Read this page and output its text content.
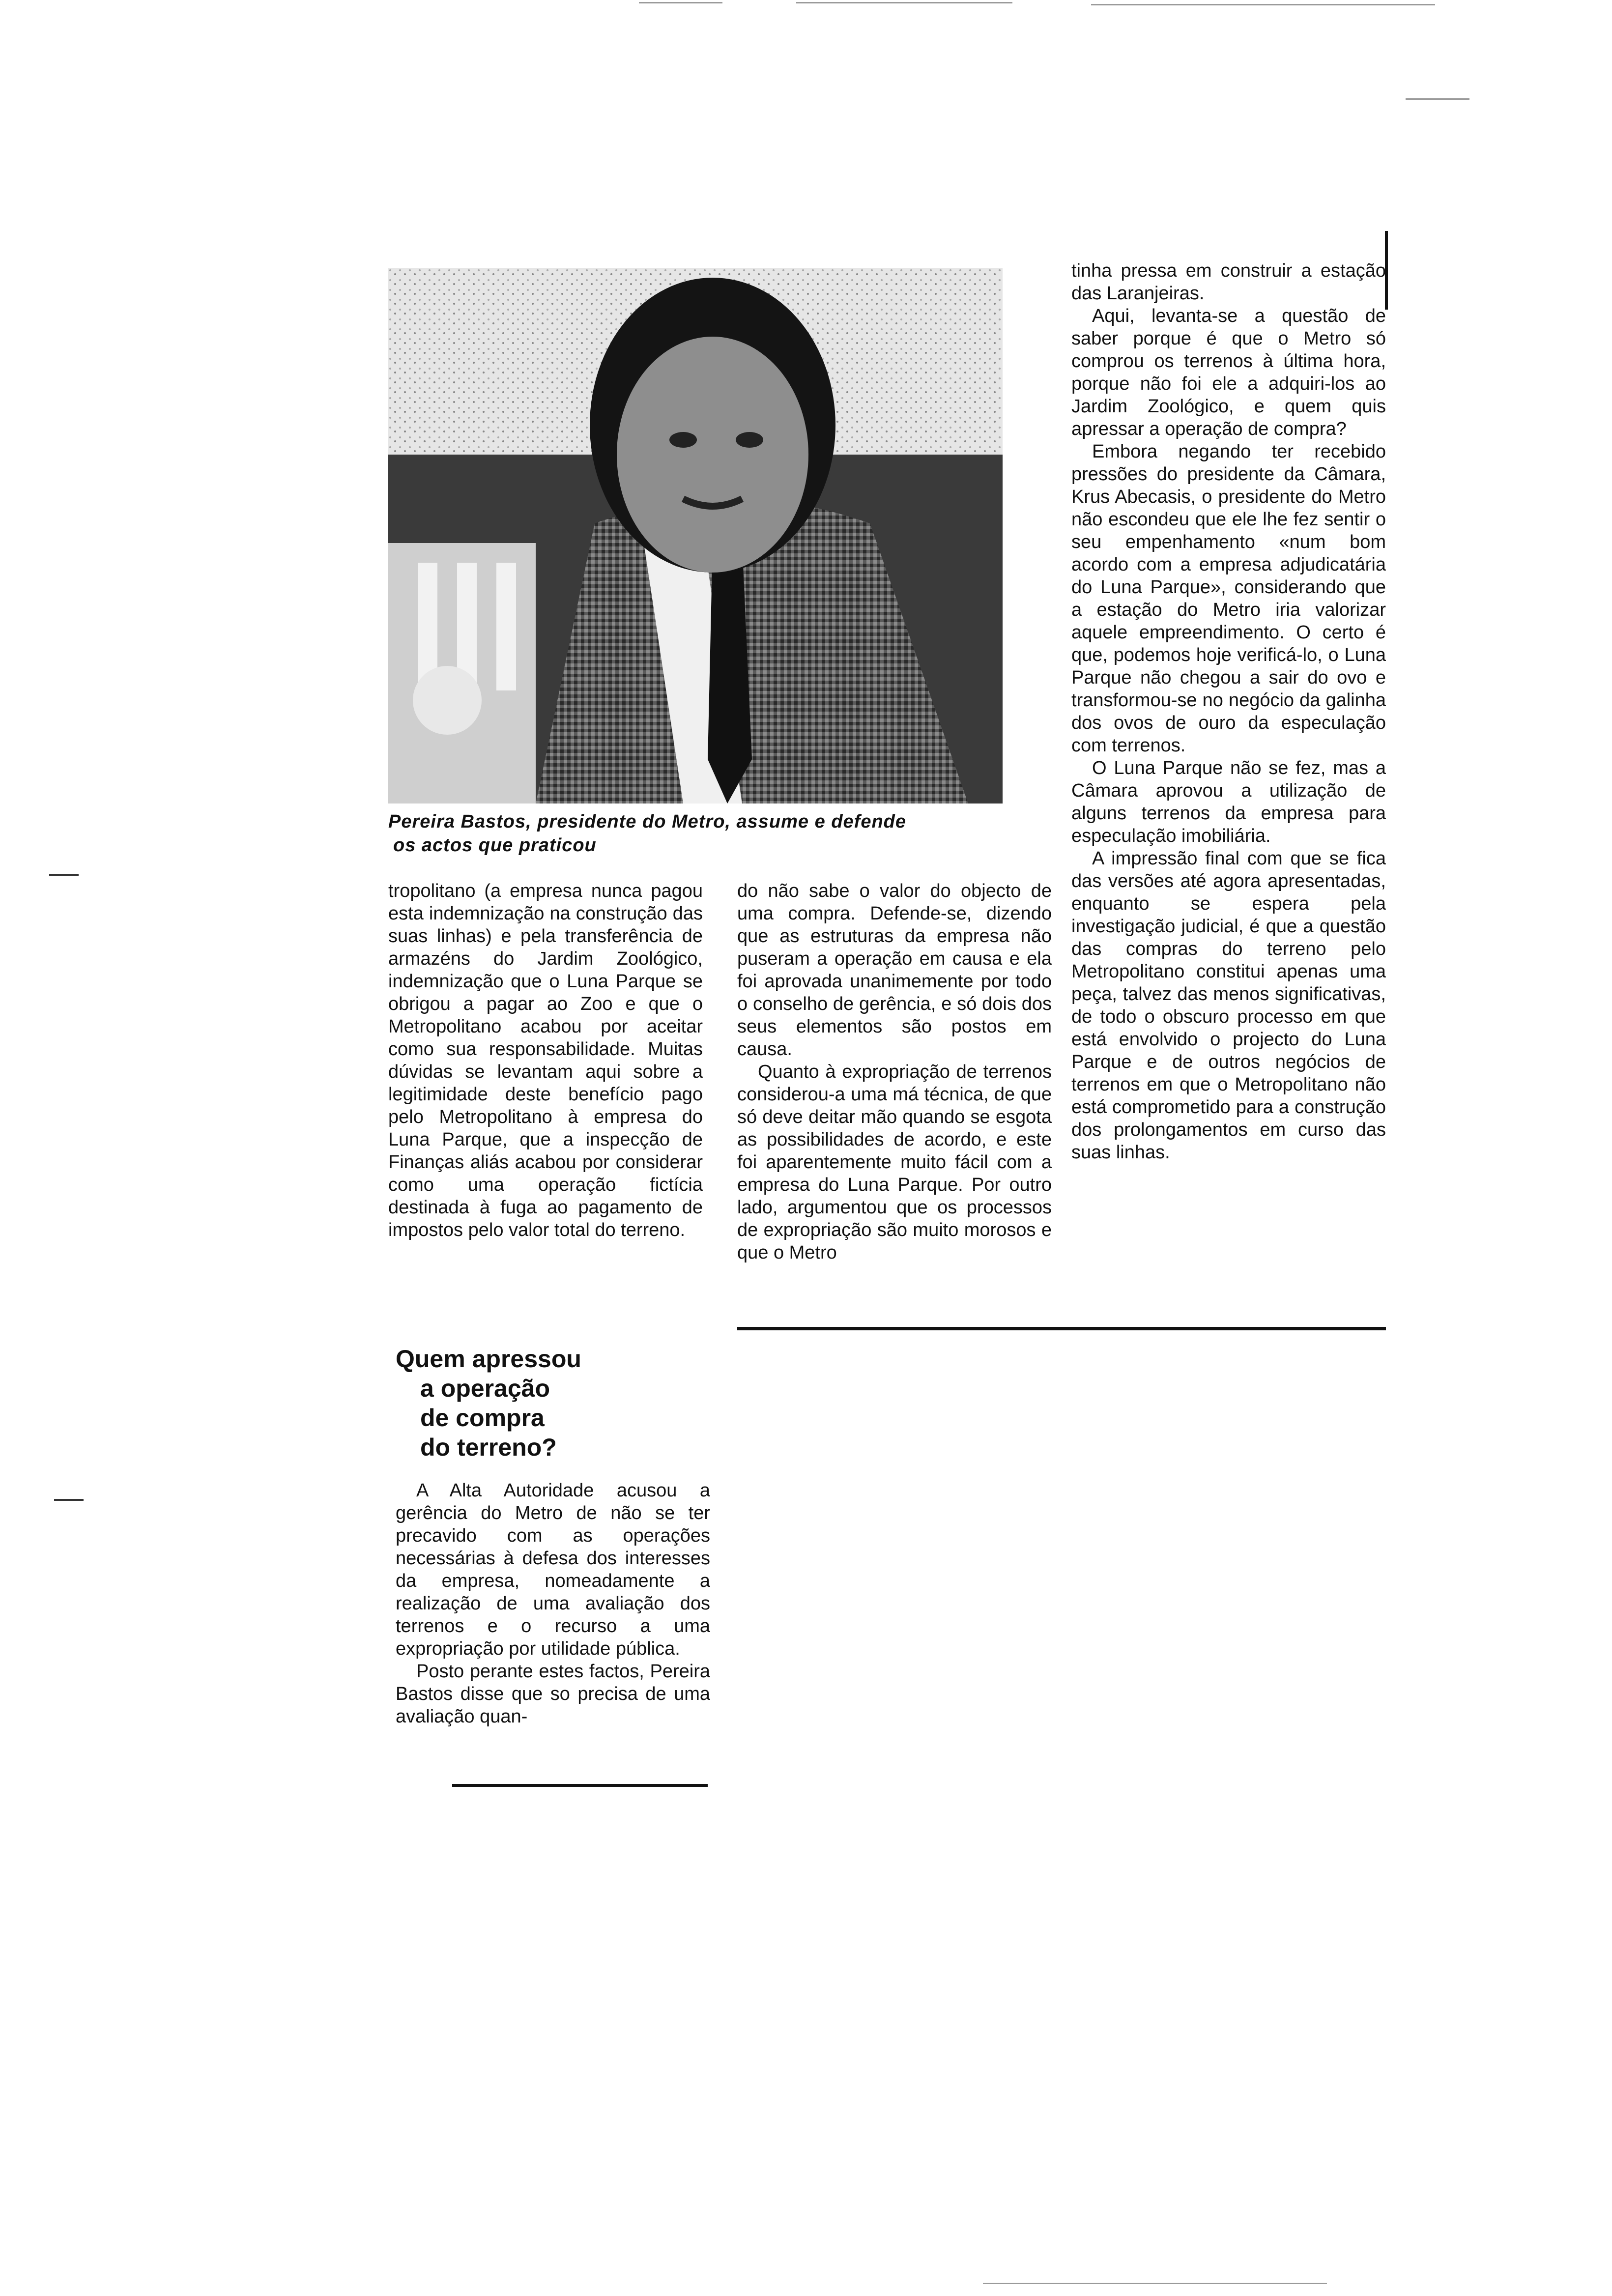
Pereira Bastos, presidente do Metro, assume e defende
os actos que praticou

tropolitano (a empresa nunca pagou esta indemnização na construção das suas linhas) e pela transferência de armazéns do Jardim Zoológico, indemnização que o Luna Parque se obrigou a pagar ao Zoo e que o Metropolitano acabou por aceitar como sua responsabilidade. Muitas dúvidas se levantam aqui sobre a legitimidade deste benefício pago pelo Metropolitano à empresa do Luna Parque, que a inspecção de Finanças aliás acabou por considerar como uma operação fictícia destinada à fuga ao pagamento de impostos pelo valor total do terreno.

Quem apressou
a operação
de compra
do terreno?

A Alta Autoridade acusou a gerência do Metro de não se ter precavido com as operações necessárias à defesa dos interesses da empresa, nomeadamente a realização de uma avaliação dos terrenos e o recurso a uma expropriação por utilidade pública.

Posto perante estes factos, Pereira Bastos disse que so precisa de uma avaliação quan-

do não sabe o valor do objecto de uma compra. Defende-se, dizendo que as estruturas da empresa não puseram a operação em causa e ela foi aprovada unanimemente por todo o conselho de gerência, e só dois dos seus elementos são postos em causa.

Quanto à expropriação de terrenos considerou-a uma má técnica, de que só deve deitar mão quando se esgota as possibilidades de acordo, e este foi aparentemente muito fácil com a empresa do Luna Parque. Por outro lado, argumentou que os processos de expropriação são muito morosos e que o Metro

tinha pressa em construir a estação das Laranjeiras.

Aqui, levanta-se a questão de saber porque é que o Metro só comprou os terrenos à última hora, porque não foi ele a adquiri-los ao Jardim Zoológico, e quem quis apressar a operação de compra?

Embora negando ter recebido pressões do presidente da Câmara, Krus Abecasis, o presidente do Metro não escondeu que ele lhe fez sentir o seu empenhamento «num bom acordo com a empresa adjudicatária do Luna Parque», considerando que a estação do Metro iria valorizar aquele empreendimento. O certo é que, podemos hoje verificá-lo, o Luna Parque não chegou a sair do ovo e transformou-se no negócio da galinha dos ovos de ouro da especulação com terrenos.

O Luna Parque não se fez, mas a Câmara aprovou a utilização de alguns terrenos da empresa para especulação imobiliária.

A impressão final com que se fica das versões até agora apresentadas, enquanto se espera pela investigação judicial, é que a questão das compras do terreno pelo Metropolitano constitui apenas uma peça, talvez das menos significativas, de todo o obscuro processo em que está envolvido o projecto do Luna Parque e de outros negócios de terrenos em que o Metropolitano não está comprometido para a construção dos prolongamentos em curso das suas linhas.
